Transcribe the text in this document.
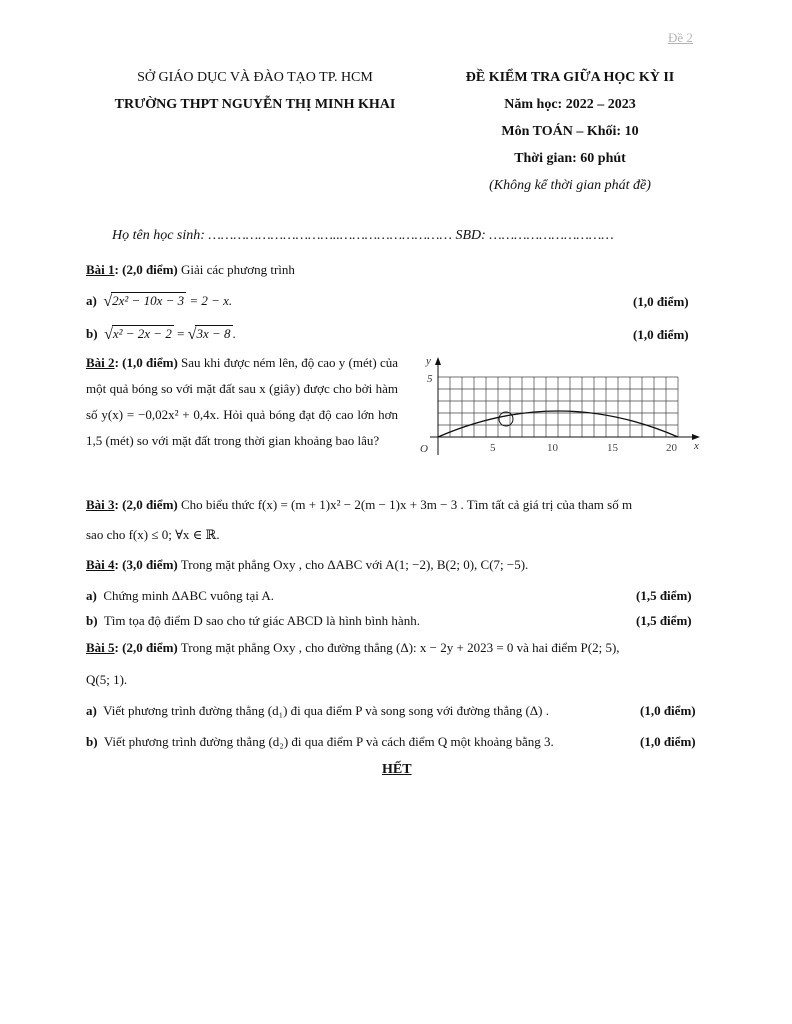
Đề 2
SỞ GIÁO DỤC VÀ ĐÀO TẠO TP. HCM
TRƯỜNG THPT NGUYỄN THỊ MINH KHAI
ĐỀ KIỂM TRA GIỮA HỌC KỲ II
Năm học: 2022 – 2023
Môn TOÁN – Khối: 10
Thời gian: 60 phút
(Không kể thời gian phát đề)
Họ tên học sinh: …………………………..……………………… SBD: …………………………
Bài 1: (2,0 điểm) Giải các phương trình
a) √2x² − 10x − 3 = 2 − x.	(1,0 điểm)
b) √x² − 2x − 2 = √3x − 8 .	(1,0 điểm)
Bài 2: (1,0 điểm) Sau khi được ném lên, độ cao y (mét) của một quả bóng so với mặt đất sau x (giây) được cho bởi hàm số y(x) = −0,02x² + 0,4x. Hỏi quả bóng đạt độ cao lớn hơn 1,5 (mét) so với mặt đất trong thời gian khoảng bao lâu?
y
5
x
O	5	10	15	20
Bài 3: (2,0 điểm) Cho biểu thức f(x) = (m + 1)x² − 2(m − 1)x + 3m − 3 . Tìm tất cả giá trị của tham số m
sao cho f(x) ≤ 0; ∀x ∈ ℝ.
Bài 4: (3,0 điểm) Trong mặt phẳng Oxy , cho ΔABC với A(1; −2), B(2; 0), C(7; −5).
a) Chứng minh ΔABC vuông tại A.	(1,5 điểm)
b) Tìm tọa độ điểm D sao cho tứ giác ABCD là hình bình hành.	(1,5 điểm)
Bài 5: (2,0 điểm) Trong mặt phẳng Oxy , cho đường thẳng (Δ): x − 2y + 2023 = 0 và hai điểm P(2; 5),
Q(5; 1).
a) Viết phương trình đường thẳng (d₁) đi qua điểm P và song song với đường thẳng (Δ) .	(1,0 điểm)
b) Viết phương trình đường thẳng (d₂) đi qua điểm P và cách điểm Q một khoảng bằng 3.	(1,0 điểm)
HẾT
